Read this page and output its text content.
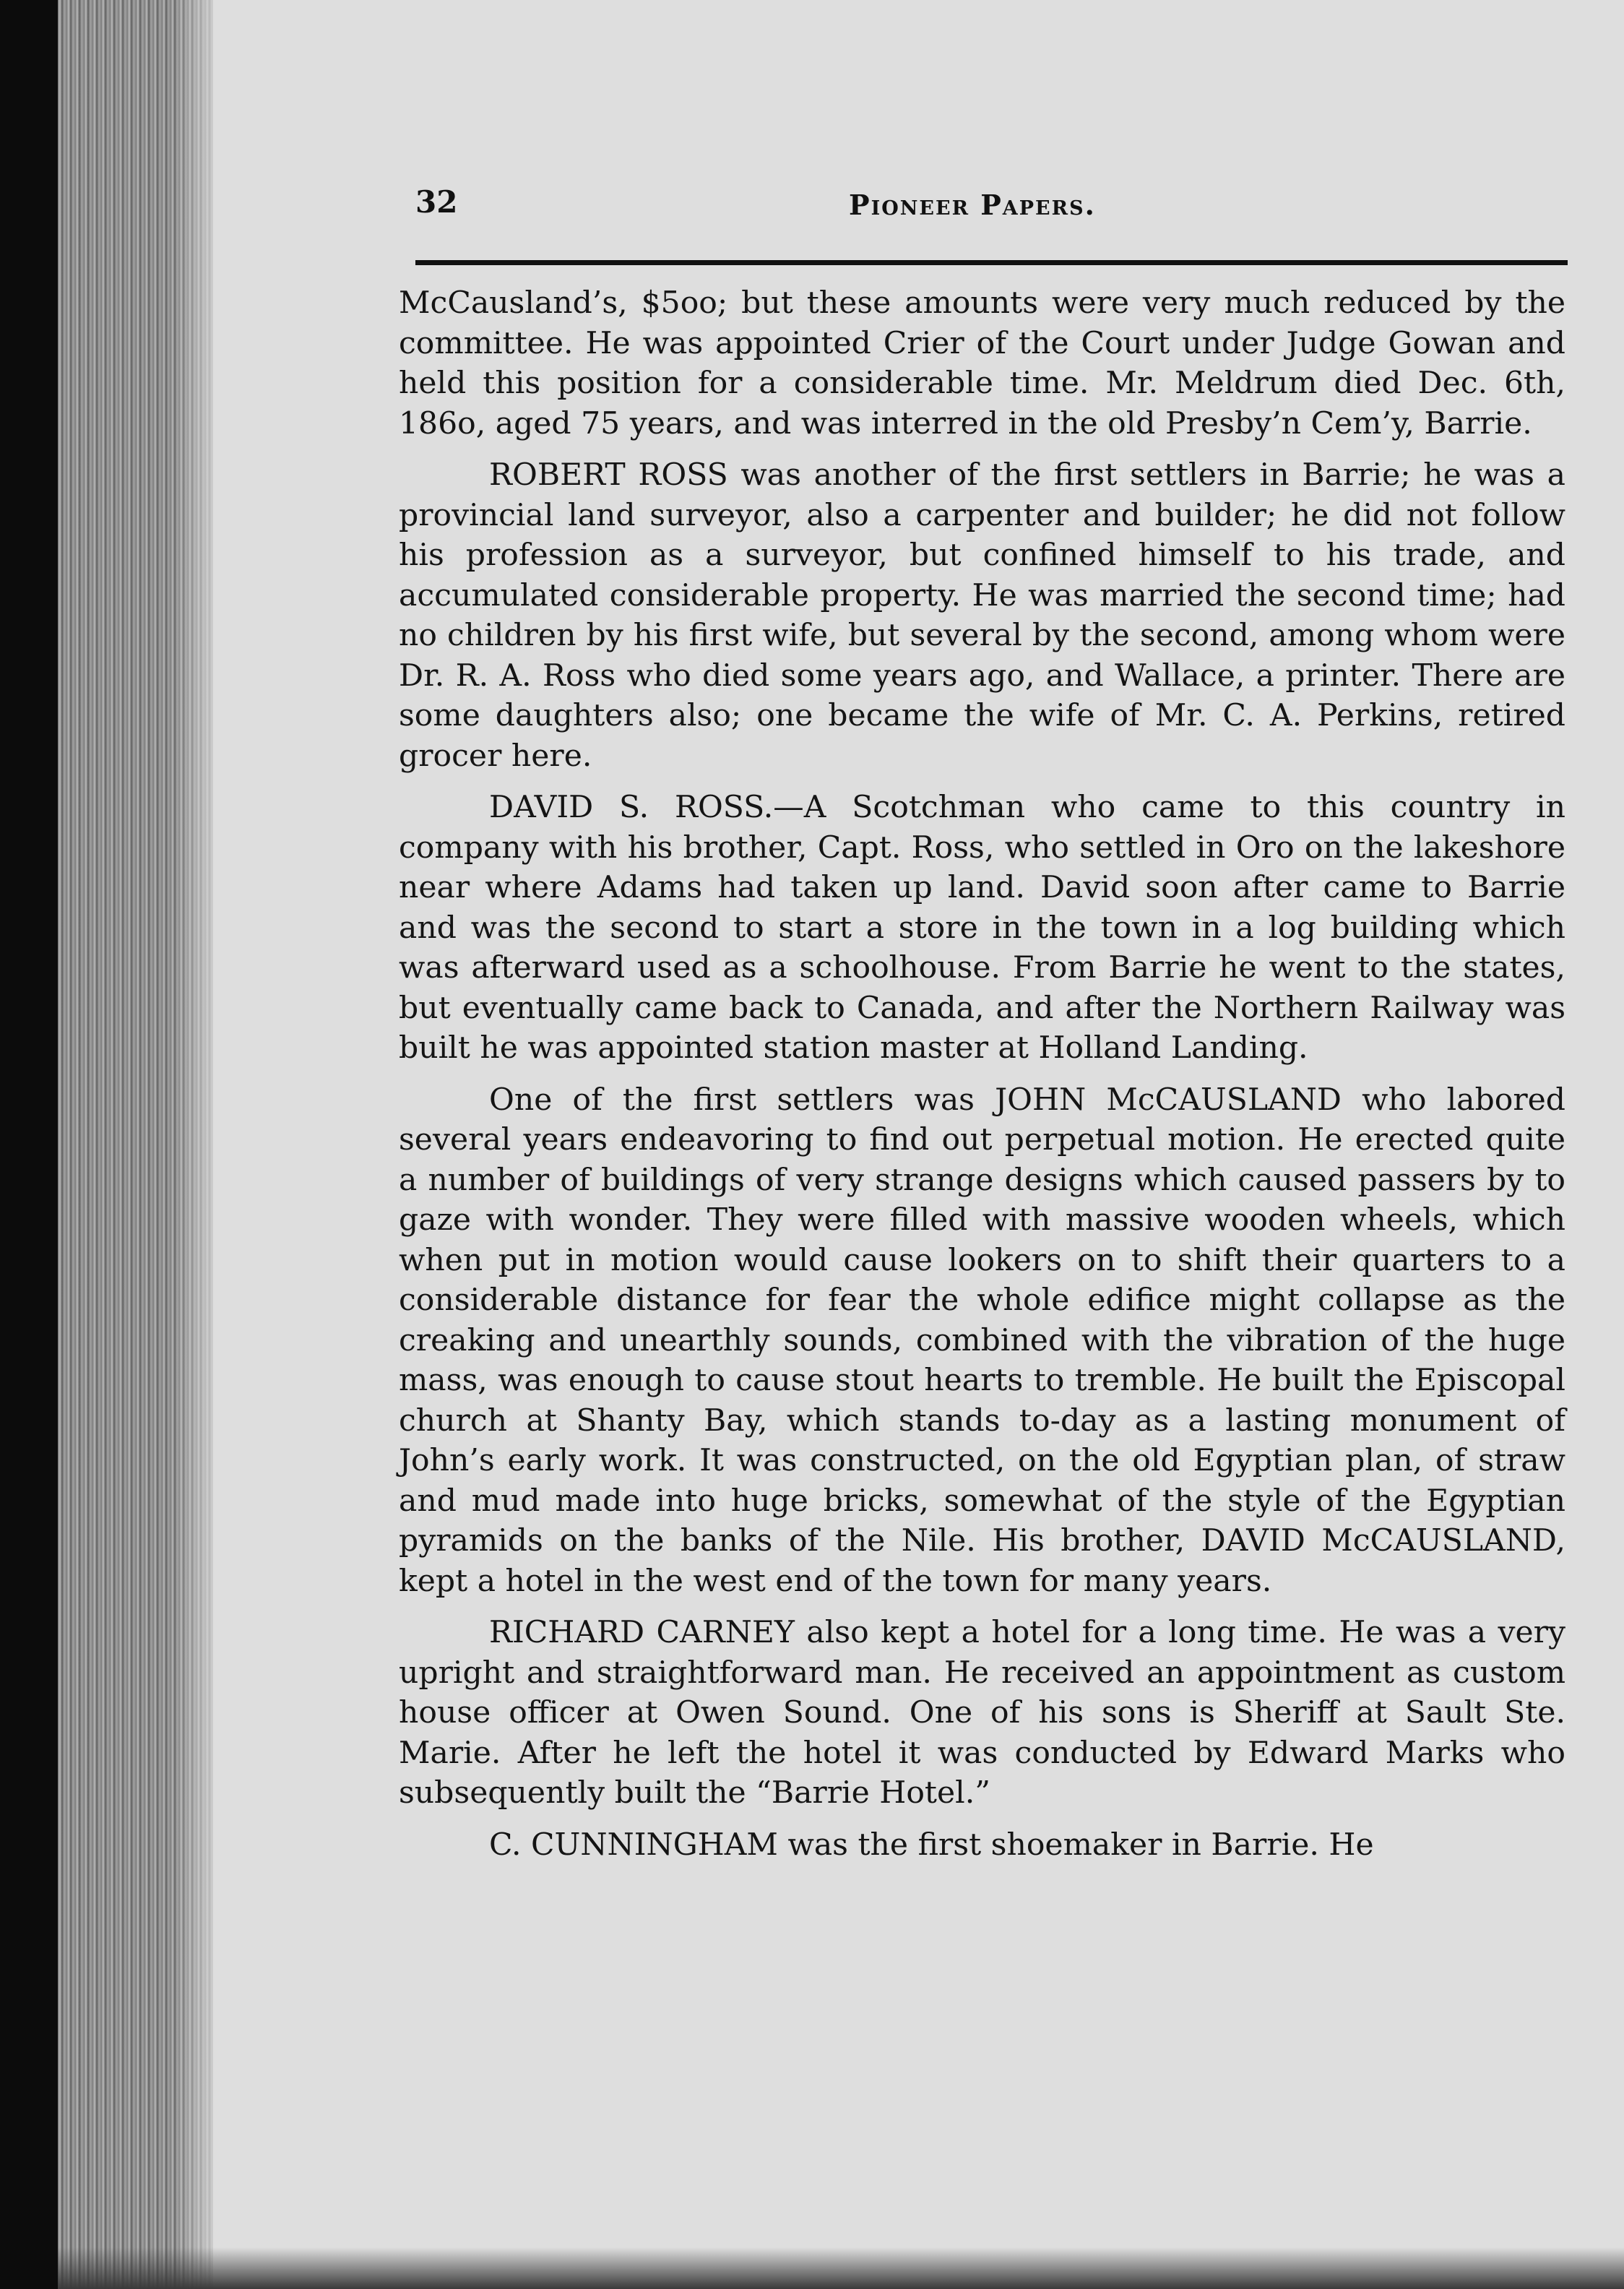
32	Pioneer Papers.

McCausland’s, $5oo; but these amounts were very much reduced by the committee. He was appointed Crier of the Court under Judge Gowan and held this position for a considerable time. Mr. Meldrum died Dec. 6th, 186o, aged 75 years, and was interred in the old Presby’n Cem’y, Barrie.

ROBERT ROSS was another of the first settlers in Barrie; he was a provincial land surveyor, also a carpenter and builder; he did not follow his profession as a surveyor, but confined himself to his trade, and accumulated considerable property. He was married the second time; had no children by his first wife, but several by the second, among whom were Dr. R. A. Ross who died some years ago, and Wallace, a printer. There are some daughters also; one became the wife of Mr. C. A. Perkins, retired grocer here.

DAVID S. ROSS.—A Scotchman who came to this country in company with his brother, Capt. Ross, who settled in Oro on the lakeshore near where Adams had taken up land. David soon after came to Barrie and was the second to start a store in the town in a log building which was afterward used as a schoolhouse. From Barrie he went to the states, but eventually came back to Canada, and after the Northern Railway was built he was appointed station master at Holland Landing.

One of the first settlers was JOHN McCAUSLAND who labored several years endeavoring to find out perpetual motion. He erected quite a number of buildings of very strange designs which caused passers by to gaze with wonder. They were filled with massive wooden wheels, which when put in motion would cause lookers on to shift their quarters to a considerable distance for fear the whole edifice might collapse as the creaking and unearthly sounds, combined with the vibration of the huge mass, was enough to cause stout hearts to tremble. He built the Episcopal church at Shanty Bay, which stands to-day as a lasting monument of John’s early work. It was constructed, on the old Egyptian plan, of straw and mud made into huge bricks, somewhat of the style of the Egyptian pyramids on the banks of the Nile. His brother, DAVID McCAUSLAND, kept a hotel in the west end of the town for many years.

RICHARD CARNEY also kept a hotel for a long time. He was a very upright and straightforward man. He received an appointment as custom house officer at Owen Sound. One of his sons is Sheriff at Sault Ste. Marie. After he left the hotel it was conducted by Edward Marks who subsequently built the “Barrie Hotel.”

C. CUNNINGHAM was the first shoemaker in Barrie. He
